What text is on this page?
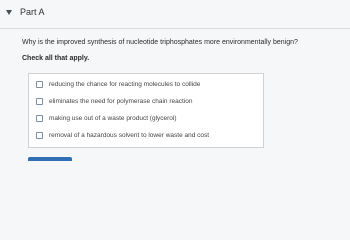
Part A
Why is the improved synthesis of nucleotide triphosphates more environmentally benign?
Check all that apply.
reducing the chance for reacting molecules to collide
eliminates the need for polymerase chain reaction
making use out of a waste product (glycerol)
removal of a hazardous solvent to lower waste and cost
